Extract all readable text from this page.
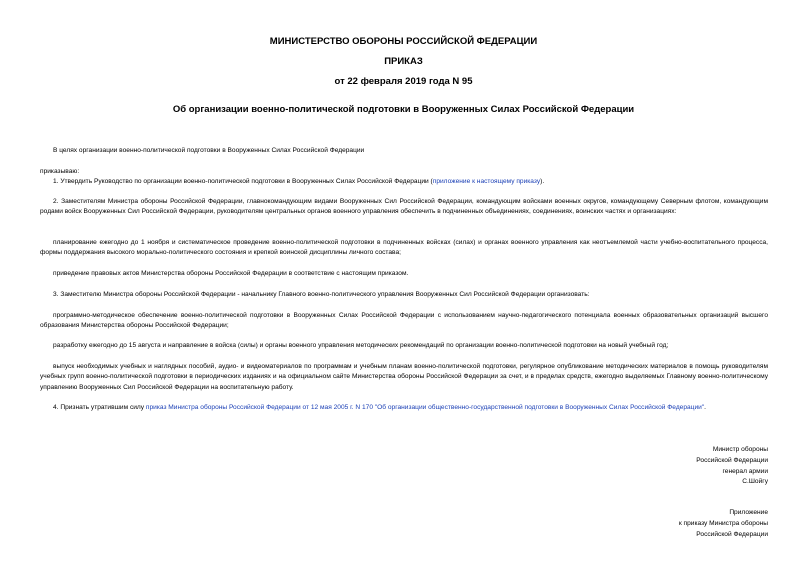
МИНИСТЕРСТВО ОБОРОНЫ РОССИЙСКОЙ ФЕДЕРАЦИИ
ПРИКАЗ
от 22 февраля 2019 года N 95
Об организации военно-политической подготовки в Вооруженных Силах Российской Федерации
В целях организации военно-политической подготовки в Вооруженных Силах Российской Федерации
приказываю:
1. Утвердить Руководство по организации военно-политической подготовки в Вооруженных Силах Российской Федерации (приложение к настоящему приказу).
2. Заместителям Министра обороны Российской Федерации, главнокомандующим видами Вооруженных Сил Российской Федерации, командующим войсками военных округов, командующему Северным флотом, командующим родами войск Вооруженных Сил Российской Федерации, руководителям центральных органов военного управления обеспечить в подчиненных объединениях, соединениях, воинских частях и организациях:
планирование ежегодно до 1 ноября и систематическое проведение военно-политической подготовки в подчиненных войсках (силах) и органах военного управления как неотъемлемой части учебно-воспитательного процесса, формы поддержания высокого морально-политического состояния и крепкой воинской дисциплины личного состава;
приведение правовых актов Министерства обороны Российской Федерации в соответствие с настоящим приказом.
3. Заместителю Министра обороны Российской Федерации - начальнику Главного военно-политического управления Вооруженных Сил Российской Федерации организовать:
программно-методическое обеспечение военно-политической подготовки в Вооруженных Силах Российской Федерации с использованием научно-педагогического потенциала военных образовательных организаций высшего образования Министерства обороны Российской Федерации;
разработку ежегодно до 15 августа и направление в войска (силы) и органы военного управления методических рекомендаций по организации военно-политической подготовки на новый учебный год;
выпуск необходимых учебных и наглядных пособий, аудио- и видеоматериалов по программам и учебным планам военно-политической подготовки, регулярное опубликование методических материалов в помощь руководителям учебных групп военно-политической подготовки в периодических изданиях и на официальном сайте Министерства обороны Российской Федерации за счет, и в пределах средств, ежегодно выделяемых Главному военно-политическому управлению Вооруженных Сил Российской Федерации на воспитательную работу.
4. Признать утратившим силу приказ Министра обороны Российской Федерации от 12 мая 2005 г. N 170 "Об организации общественно-государственной подготовки в Вооруженных Силах Российской Федерации".
Министр обороны
Российской Федерации
генерал армии
С.Шойгу
Приложение
к приказу Министра обороны
Российской Федерации
